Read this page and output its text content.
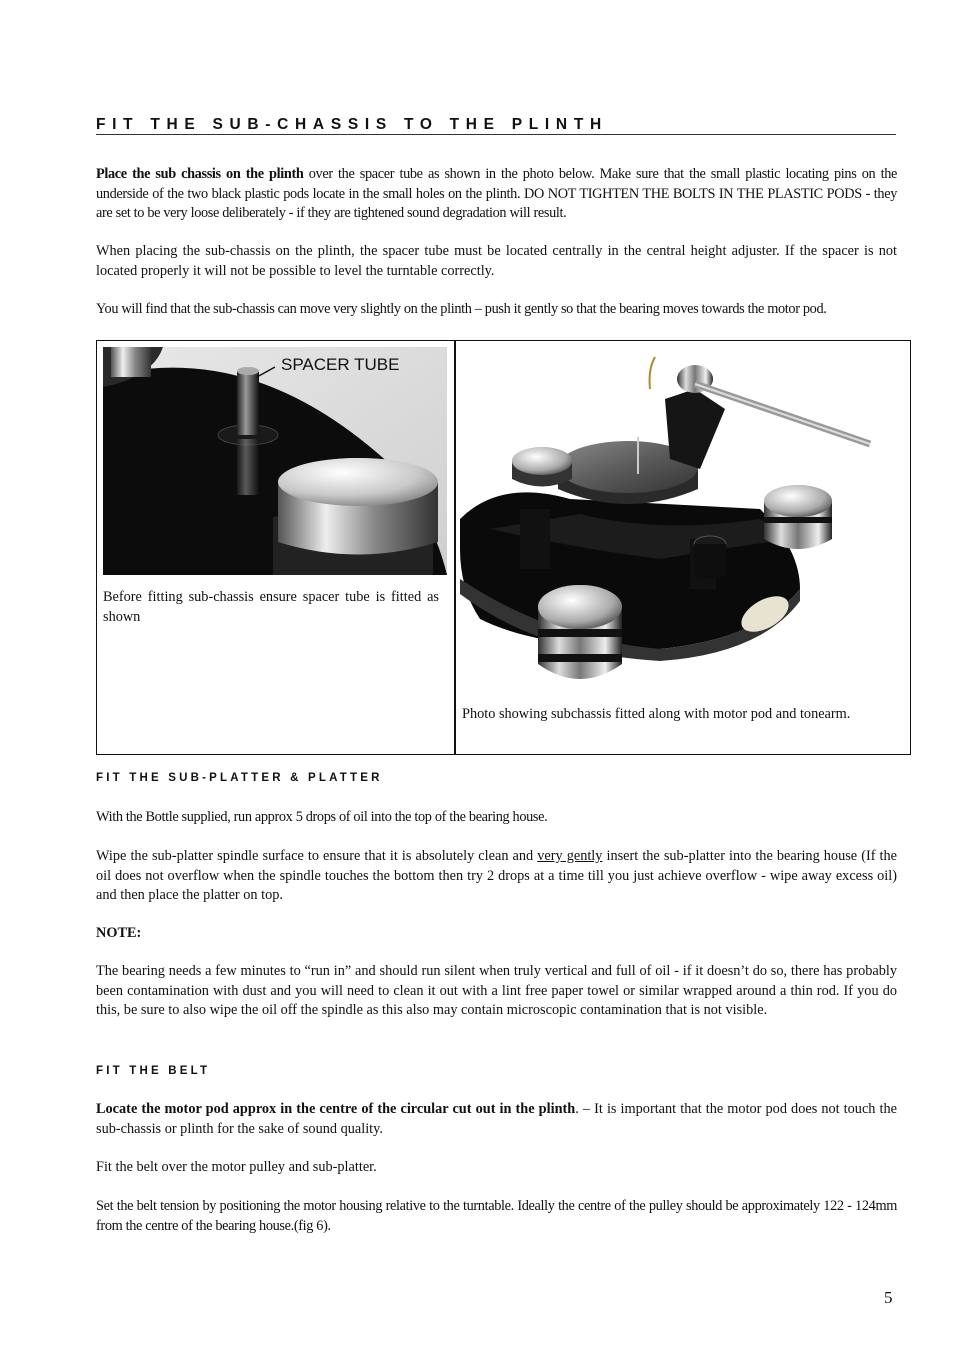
FIT THE SUB-CHASSIS TO THE PLINTH
Place the sub chassis on the plinth over the spacer tube as shown in the photo below. Make sure that the small plastic locating pins on the underside of the two black plastic pods locate in the small holes on the plinth. DO NOT TIGHTEN THE BOLTS IN THE PLASTIC PODS - they are set to be very loose deliberately - if they are tightened sound degradation will result.
When placing the sub-chassis on the plinth, the spacer tube must be located centrally in the central height adjuster. If the spacer is not located properly it will not be possible to level the turntable correctly.
You will find that the sub-chassis can move very slightly on the plinth – push it gently so that the bearing moves towards the motor pod.
SPACER TUBE
Before fitting sub-chassis ensure spacer tube is fitted as shown
Photo showing subchassis fitted along with motor pod and tonearm.
FIT THE SUB-PLATTER & PLATTER
With the Bottle supplied, run approx 5 drops of oil into the top of the bearing house.
Wipe the sub-platter spindle surface to ensure that it is absolutely clean and very gently insert the sub-platter into the bearing house (If the oil does not overflow when the spindle touches the bottom then try 2 drops at a time till you just achieve overflow - wipe away excess oil) and then place the platter on top.
NOTE:
The bearing needs a few minutes to “run in” and should run silent when truly vertical and full of oil - if it doesn’t do so, there has probably been contamination with dust and you will need to clean it out with a lint free paper towel or similar wrapped around a thin rod. If you do this, be sure to also wipe the oil off the spindle as this also may contain microscopic contamination that is not visible.
FIT THE BELT
Locate the motor pod approx in the centre of the circular cut out in the plinth. – It is important that the motor pod does not touch the sub-chassis or plinth for the sake of sound quality.
Fit the belt over the motor pulley and sub-platter.
Set the belt tension by positioning the motor housing relative to the turntable. Ideally the centre of the pulley should be approximately 122 - 124mm from the centre of the bearing house.(fig 6).
5
